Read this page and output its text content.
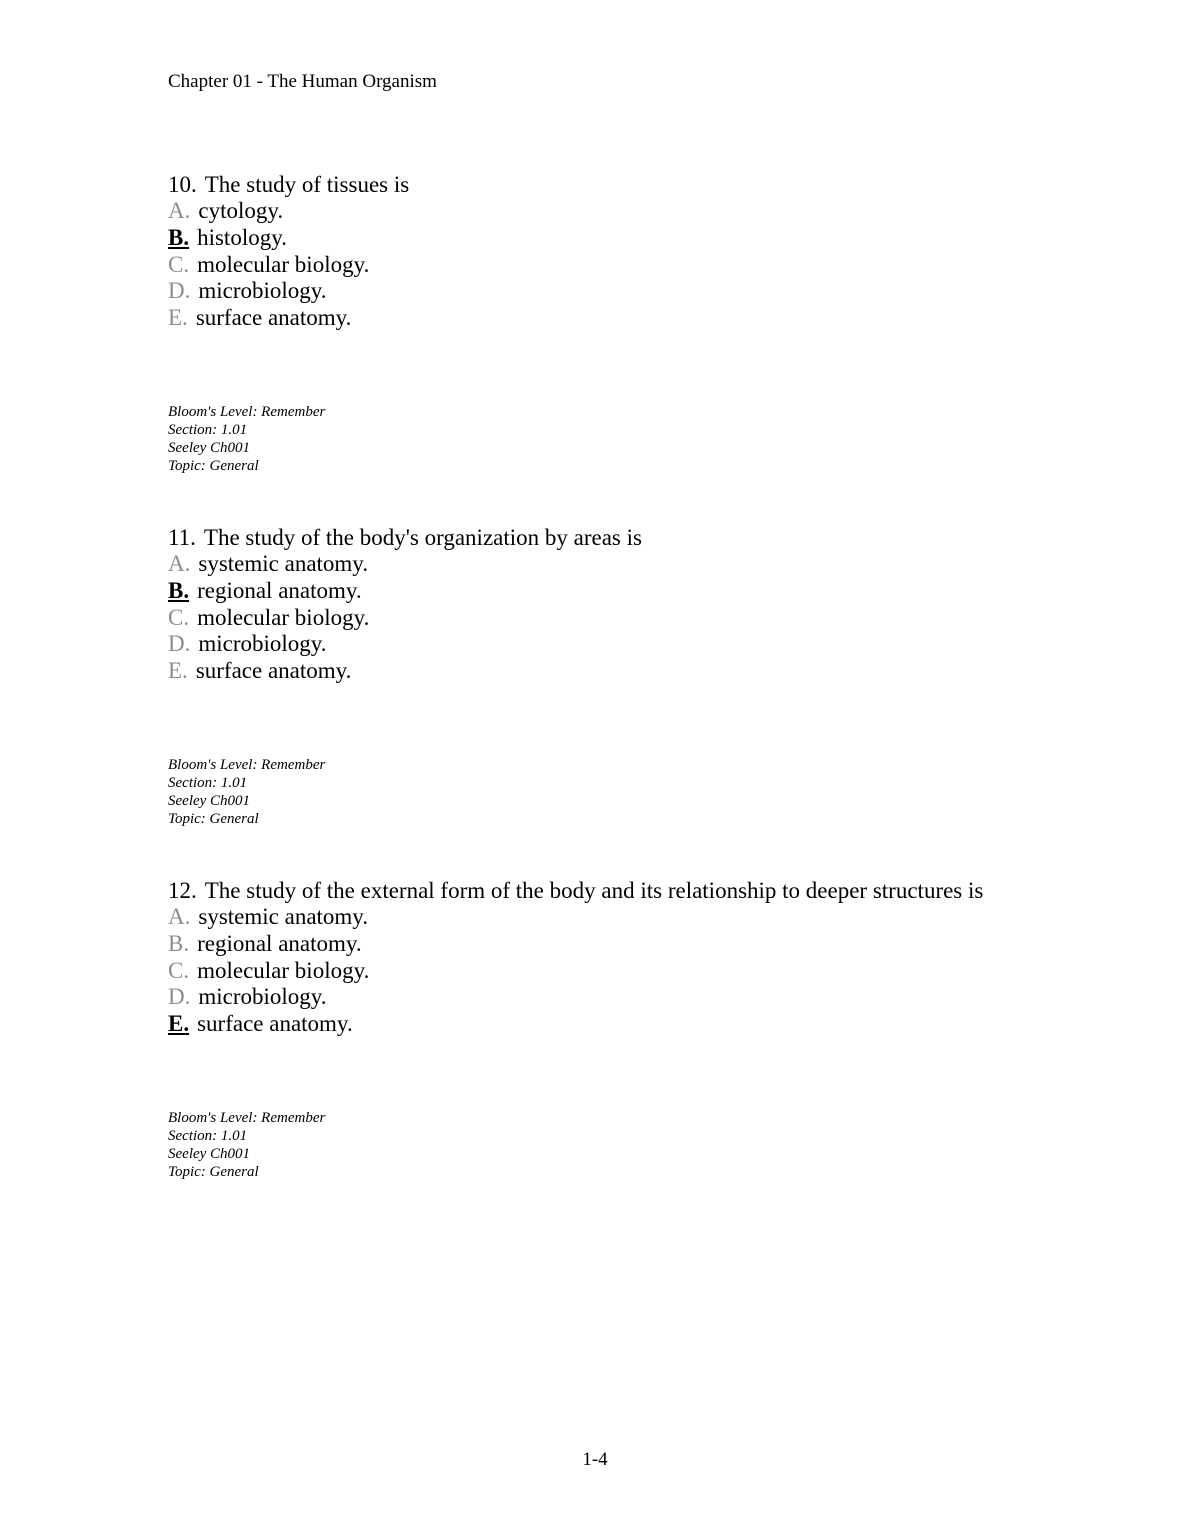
Chapter 01 - The Human Organism
10. The study of tissues is
A. cytology.
B. histology.
C. molecular biology.
D. microbiology.
E. surface anatomy.
Bloom's Level: Remember
Section: 1.01
Seeley Ch001
Topic: General
11. The study of the body's organization by areas is
A. systemic anatomy.
B. regional anatomy.
C. molecular biology.
D. microbiology.
E. surface anatomy.
Bloom's Level: Remember
Section: 1.01
Seeley Ch001
Topic: General
12. The study of the external form of the body and its relationship to deeper structures is
A. systemic anatomy.
B. regional anatomy.
C. molecular biology.
D. microbiology.
E. surface anatomy.
Bloom's Level: Remember
Section: 1.01
Seeley Ch001
Topic: General
1-4
